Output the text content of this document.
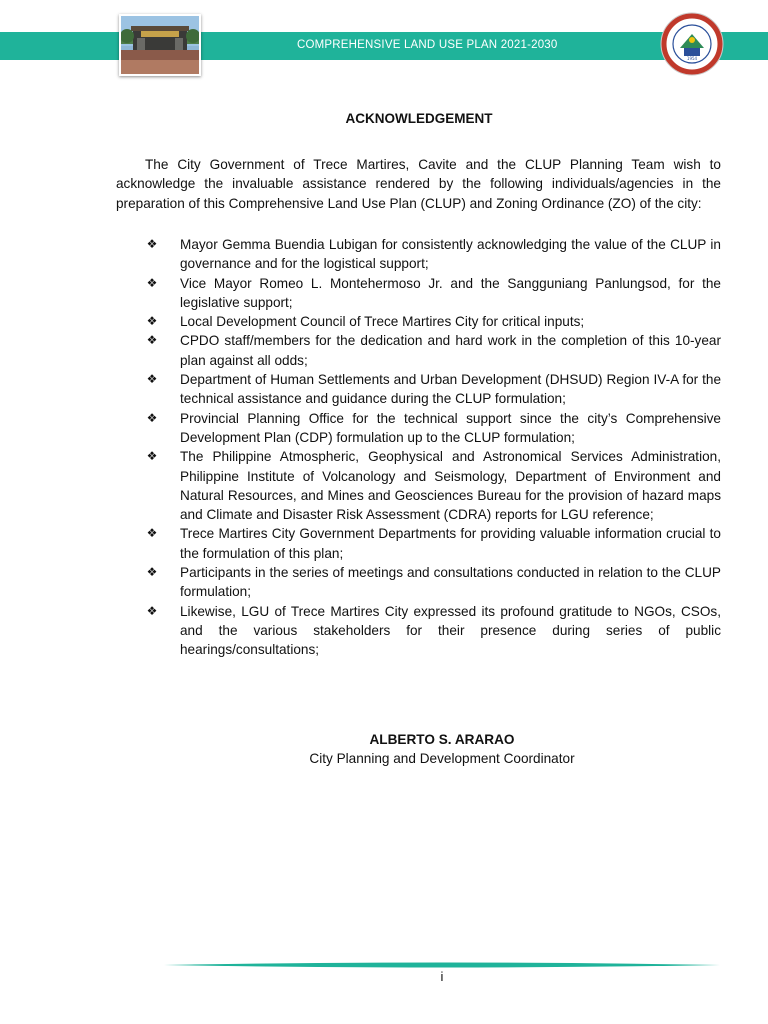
COMPREHENSIVE LAND USE PLAN 2021-2030
1954
ACKNOWLEDGEMENT

The City Government of Trece Martires, Cavite and the CLUP Planning Team wish to acknowledge the invaluable assistance rendered by the following individuals/agencies in the preparation of this Comprehensive Land Use Plan (CLUP) and Zoning Ordinance (ZO) of the city:

❖ Mayor Gemma Buendia Lubigan for consistently acknowledging the value of the CLUP in governance and for the logistical support;
❖ Vice Mayor Romeo L. Montehermoso Jr. and the Sangguniang Panlungsod, for the legislative support;
❖ Local Development Council of Trece Martires City for critical inputs;
❖ CPDO staff/members for the dedication and hard work in the completion of this 10-year plan against all odds;
❖ Department of Human Settlements and Urban Development (DHSUD) Region IV-A for the technical assistance and guidance during the CLUP formulation;
❖ Provincial Planning Office for the technical support since the city’s Comprehensive Development Plan (CDP) formulation up to the CLUP formulation;
❖ The Philippine Atmospheric, Geophysical and Astronomical Services Administration, Philippine Institute of Volcanology and Seismology, Department of Environment and Natural Resources, and Mines and Geosciences Bureau for the provision of hazard maps and Climate and Disaster Risk Assessment (CDRA) reports for LGU reference;
❖ Trece Martires City Government Departments for providing valuable information crucial to the formulation of this plan;
❖ Participants in the series of meetings and consultations conducted in relation to the CLUP formulation;
❖ Likewise, LGU of Trece Martires City expressed its profound gratitude to NGOs, CSOs, and the various stakeholders for their presence during series of public hearings/consultations;
ALBERTO S. ARARAO
City Planning and Development Coordinator
i
